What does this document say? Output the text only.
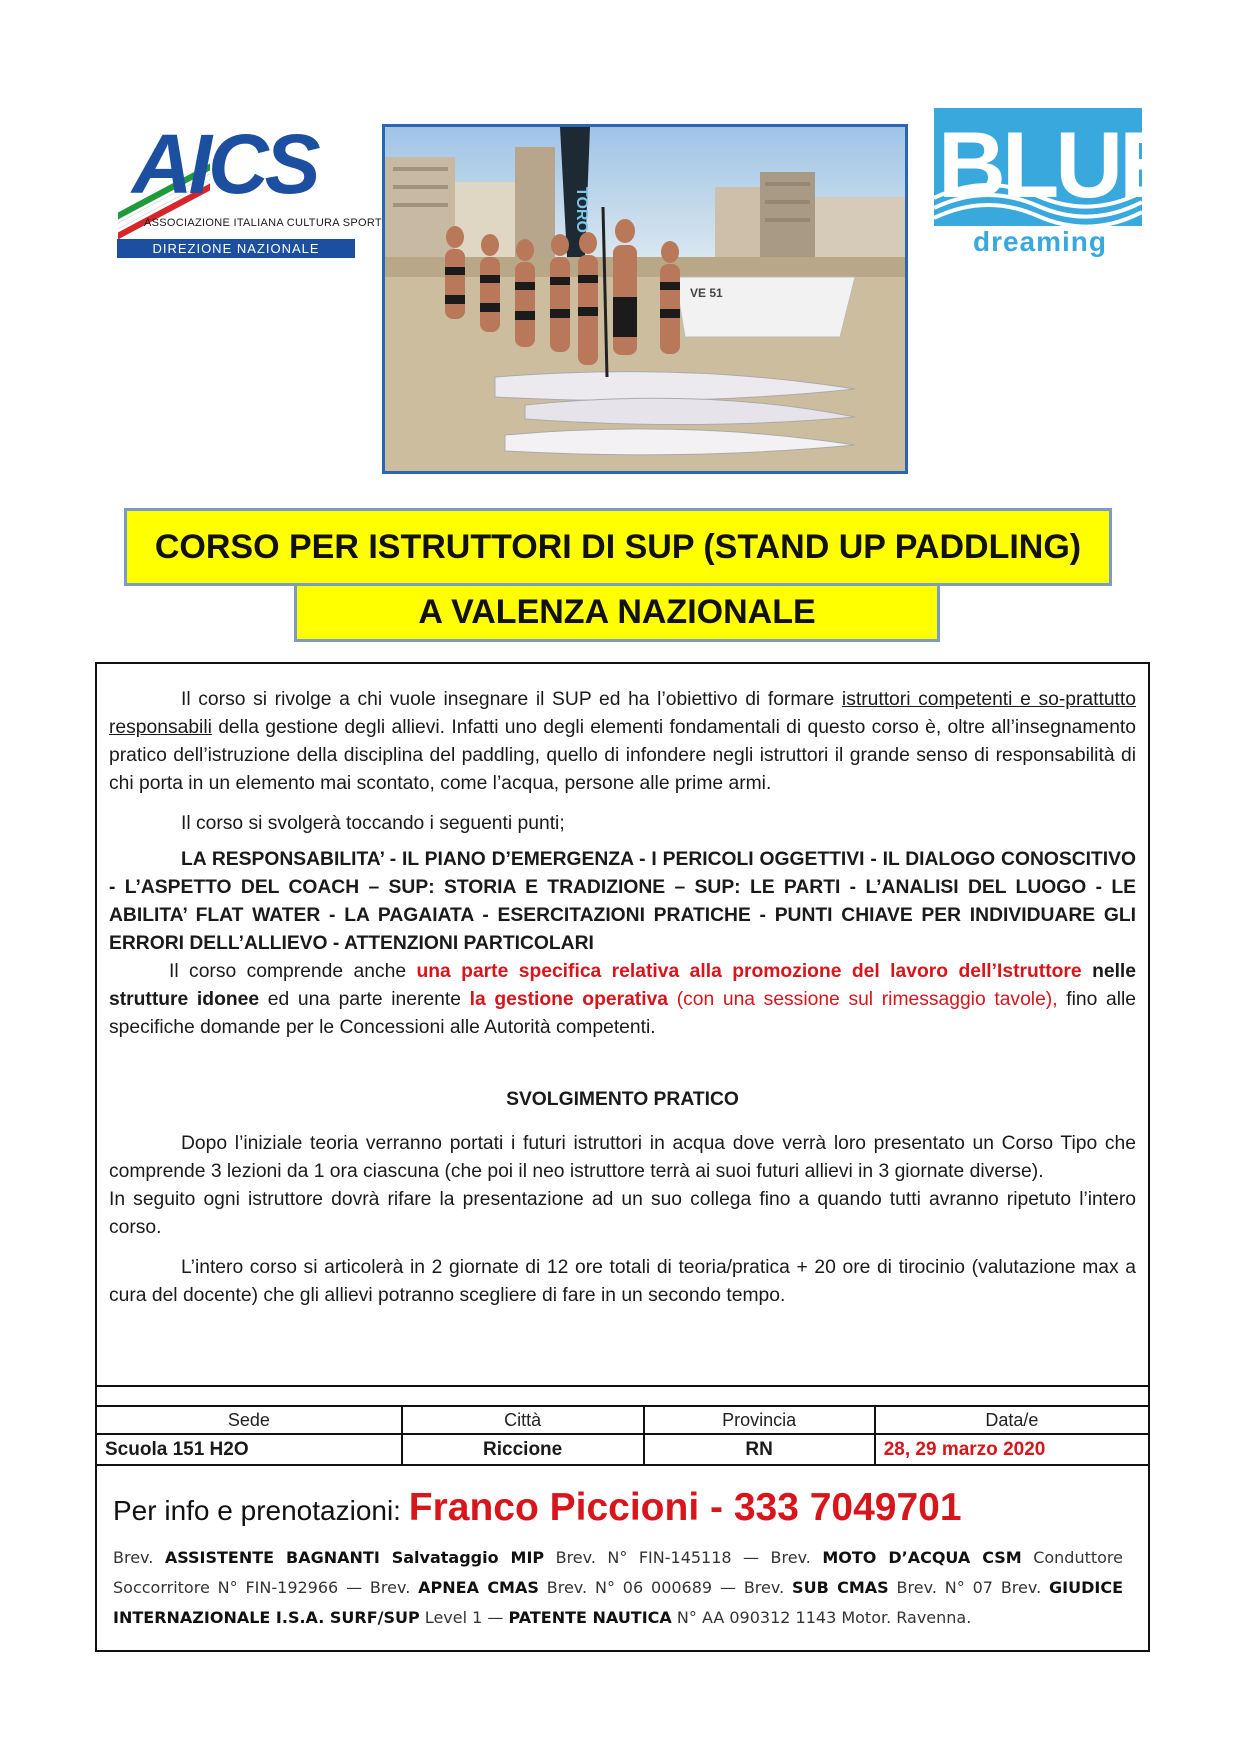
AICS
ASSOCIAZIONE ITALIANA CULTURA SPORT
DIREZIONE NAZIONALE
TORO
VE 51
BLUE
dreaming
CORSO PER ISTRUTTORI DI SUP (STAND UP PADDLING)
A VALENZA NAZIONALE

Il corso si rivolge a chi vuole insegnare il SUP ed ha l’obiettivo di formare istruttori competenti e so-prattutto responsabili della gestione degli allievi. Infatti uno degli elementi fondamentali di questo corso è, oltre all’insegnamento pratico dell’istruzione della disciplina del paddling, quello di infondere negli istruttori il grande senso di responsabilità di chi porta in un elemento mai scontato, come l’acqua, persone alle prime armi.

Il corso si svolgerà toccando i seguenti punti;

LA RESPONSABILITA’ - IL PIANO D’EMERGENZA - I PERICOLI OGGETTIVI - IL DIALOGO CONOSCITIVO - L’ASPETTO DEL COACH – SUP: STORIA E TRADIZIONE – SUP: LE PARTI - L’ANALISI DEL LUOGO - LE ABILITA’ FLAT WATER - LA PAGAIATA - ESERCITAZIONI PRATICHE - PUNTI CHIAVE PER INDIVIDUARE GLI ERRORI DELL’ALLIEVO - ATTENZIONI PARTICOLARI

Il corso comprende anche una parte specifica relativa alla promozione del lavoro dell’Istruttore nelle strutture idonee ed una parte inerente la gestione operativa (con una sessione sul rimessaggio tavole), fino alle specifiche domande per le Concessioni alle Autorità competenti.

SVOLGIMENTO PRATICO

Dopo l’iniziale teoria verranno portati i futuri istruttori in acqua dove verrà loro presentato un Corso Tipo che comprende 3 lezioni da 1 ora ciascuna (che poi il neo istruttore terrà ai suoi futuri allievi in 3 giornate diverse).

In seguito ogni istruttore dovrà rifare la presentazione ad un suo collega fino a quando tutti avranno ripetuto l’intero corso.

L’intero corso si articolerà in 2 giornate di 12 ore totali di teoria/pratica + 20 ore di tirocinio (valutazione max a cura del docente) che gli allievi potranno scegliere di fare in un secondo tempo.

Sede	Città	Provincia	Data/e
Scuola 151 H2O	Riccione	RN	28, 29 marzo 2020
Per info e prenotazioni: Franco Piccioni - 333 7049701
Brev. ASSISTENTE BAGNANTI Salvataggio MIP Brev. N° FIN-145118 — Brev. MOTO D’ACQUA CSM Conduttore Soccorritore N° FIN-192966 — Brev. APNEA CMAS Brev. N° 06 000689 — Brev. SUB CMAS Brev. N° 07 Brev. GIUDICE INTERNAZIONALE I.S.A. SURF/SUP Level 1 — PATENTE NAUTICA N° AA 090312 1143 Motor. Ravenna.
